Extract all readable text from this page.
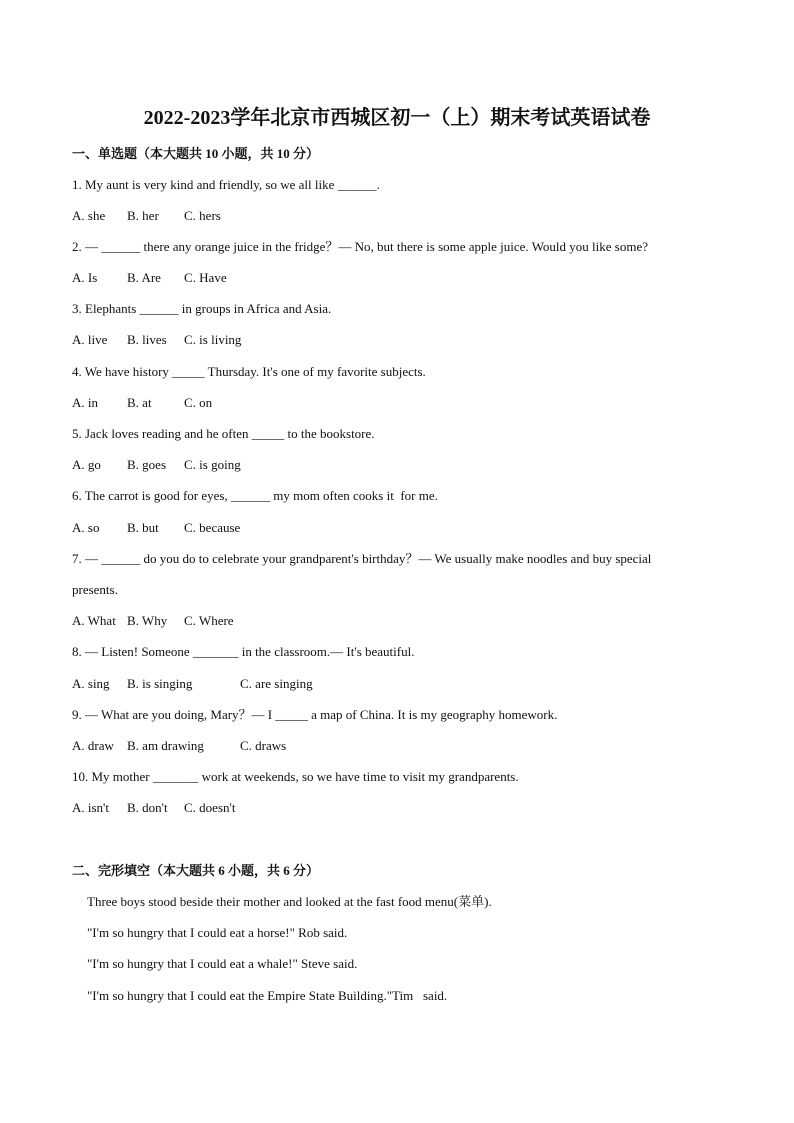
2022-2023学年北京市西城区初一（上）期末考试英语试卷
一、单选题（本大题共 10 小题，共 10 分）
1. My aunt is very kind and friendly, so we all like ______.
A. she B. her C. hers
2. — ______ there any orange juice in the fridge？— No, but there is some apple juice. Would you like some?
A. Is B. Are C. Have
3. Elephants ______ in groups in Africa and Asia.
A. live B. lives C. is living
4. We have history _____ Thursday. It's one of my favorite subjects.
A. in B. at C. on
5. Jack loves reading and he often _____ to the bookstore.
A. go B. goes C. is going
6. The carrot is good for eyes, ______ my mom often cooks it  for me.
A. so B. but C. because
7. — ______ do you do to celebrate your grandparent's birthday？— We usually make noodles and buy special
presents.
A. What B. Why C. Where
8. — Listen! Someone _______ in the classroom.— It's beautiful.
A. sing B. is singing	C. are singing
9. — What are you doing, Mary？— I _____ a map of China. It is my geography homework.
A. draw B. am drawing	C. draws
10. My mother _______ work at weekends, so we have time to visit my grandparents.
A. isn't B. don't C. doesn't
二、完形填空（本大题共 6 小题，共 6 分）
Three boys stood beside their mother and looked at the fast food menu(菜单).
"I'm so hungry that I could eat a horse!" Rob said.
"I'm so hungry that I could eat a whale!" Steve said.
"I'm so hungry that I could eat the Empire State Building."Tim   said.
